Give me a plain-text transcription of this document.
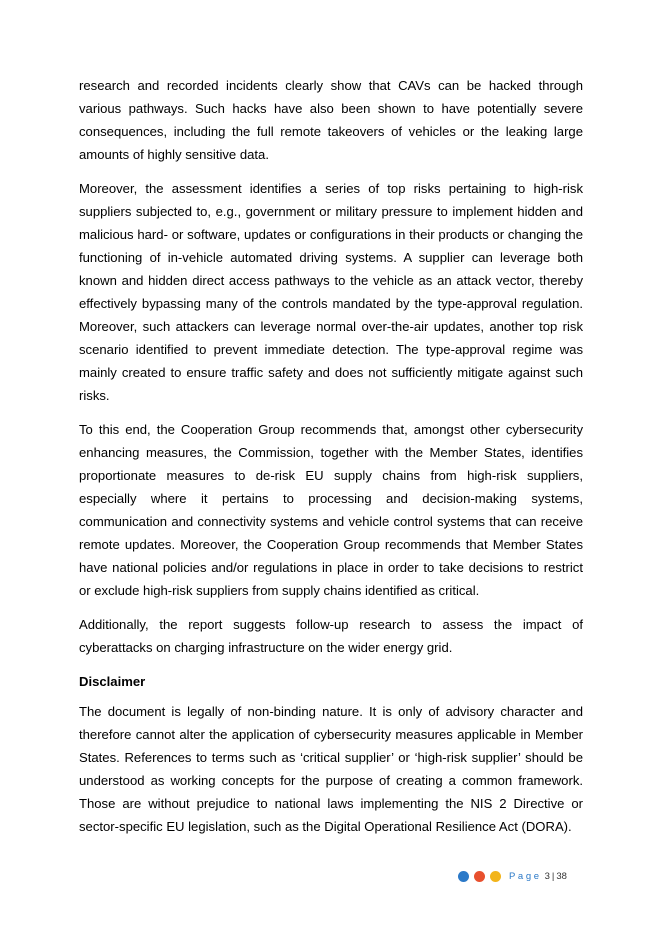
research and recorded incidents clearly show that CAVs can be hacked through various pathways. Such hacks have also been shown to have potentially severe consequences, including the full remote takeovers of vehicles or the leaking large amounts of highly sensitive data.

Moreover, the assessment identifies a series of top risks pertaining to high-risk suppliers subjected to, e.g., government or military pressure to implement hidden and malicious hard- or software, updates or configurations in their products or changing the functioning of in-vehicle automated driving systems. A supplier can leverage both known and hidden direct access pathways to the vehicle as an attack vector, thereby effectively bypassing many of the controls mandated by the type-approval regulation. Moreover, such attackers can leverage normal over-the-air updates, another top risk scenario identified to prevent immediate detection. The type-approval regime was mainly created to ensure traffic safety and does not sufficiently mitigate against such risks.

To this end, the Cooperation Group recommends that, amongst other cybersecurity enhancing measures, the Commission, together with the Member States, identifies proportionate measures to de-risk EU supply chains from high-risk suppliers, especially where it pertains to processing and decision-making systems, communication and connectivity systems and vehicle control systems that can receive remote updates. Moreover, the Cooperation Group recommends that Member States have national policies and/or regulations in place in order to take decisions to restrict or exclude high-risk suppliers from supply chains identified as critical.

Additionally, the report suggests follow-up research to assess the impact of cyberattacks on charging infrastructure on the wider energy grid.

Disclaimer

The document is legally of non-binding nature. It is only of advisory character and therefore cannot alter the application of cybersecurity measures applicable in Member States. References to terms such as ‘critical supplier’ or ‘high-risk supplier’ should be understood as working concepts for the purpose of creating a common framework. Those are without prejudice to national laws implementing the NIS 2 Directive or sector-specific EU legislation, such as the Digital Operational Resilience Act (DORA).

Page 3 | 38
